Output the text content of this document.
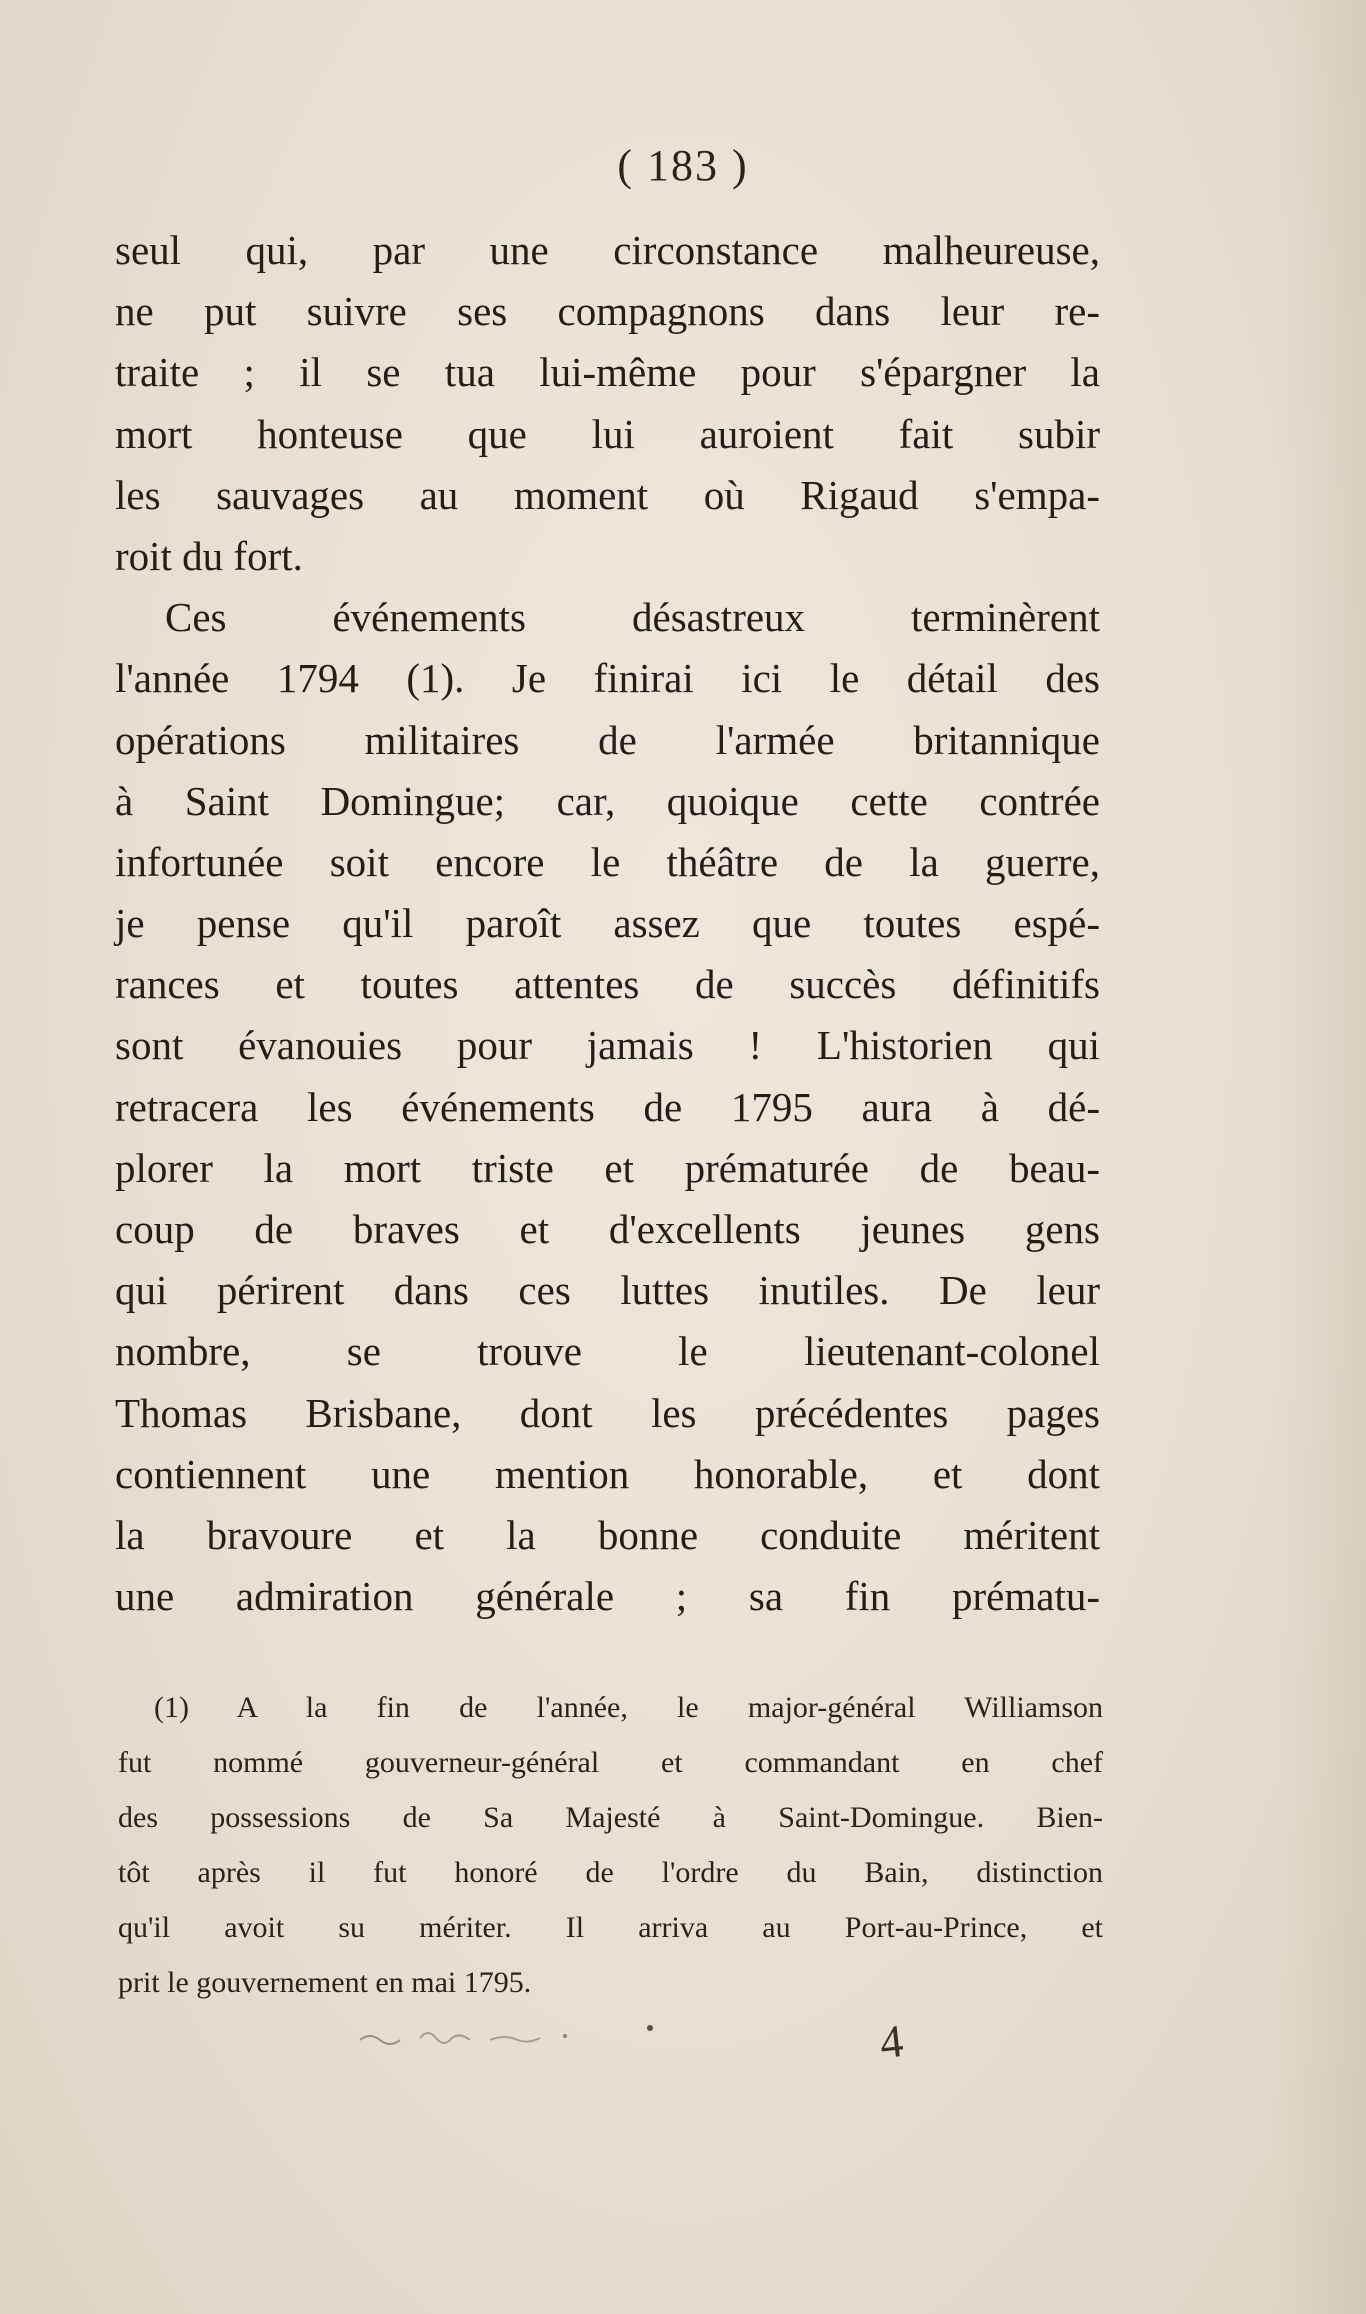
( 183 )
seul qui, par une circonstance malheureuse,
ne put suivre ses compagnons dans leur re-
traite ; il se tua lui-même pour s'épargner la
mort honteuse que lui auroient fait subir
les sauvages au moment où Rigaud s'empa-
roit du fort.
Ces événements désastreux terminèrent
l'année 1794 (1). Je finirai ici le détail des
opérations militaires de l'armée britannique
à Saint Domingue; car, quoique cette contrée
infortunée soit encore le théâtre de la guerre,
je pense qu'il paroît assez que toutes espé-
rances et toutes attentes de succès définitifs
sont évanouies pour jamais ! L'historien qui
retracera les événements de 1795 aura à dé-
plorer la mort triste et prématurée de beau-
coup de braves et d'excellents jeunes gens
qui périrent dans ces luttes inutiles. De leur
nombre, se trouve le lieutenant-colonel
Thomas Brisbane, dont les précédentes pages
contiennent une mention honorable, et dont
la bravoure et la bonne conduite méritent
une admiration générale ; sa fin prématu-
(1) A la fin de l'année, le major-général Williamson
fut nommé gouverneur-général et commandant en chef
des possessions de Sa Majesté à Saint-Domingue. Bien-
tôt après il fut honoré de l'ordre du Bain, distinction
qu'il avoit su mériter. Il arriva au Port-au-Prince, et
prit le gouvernement en mai 1795.
4
